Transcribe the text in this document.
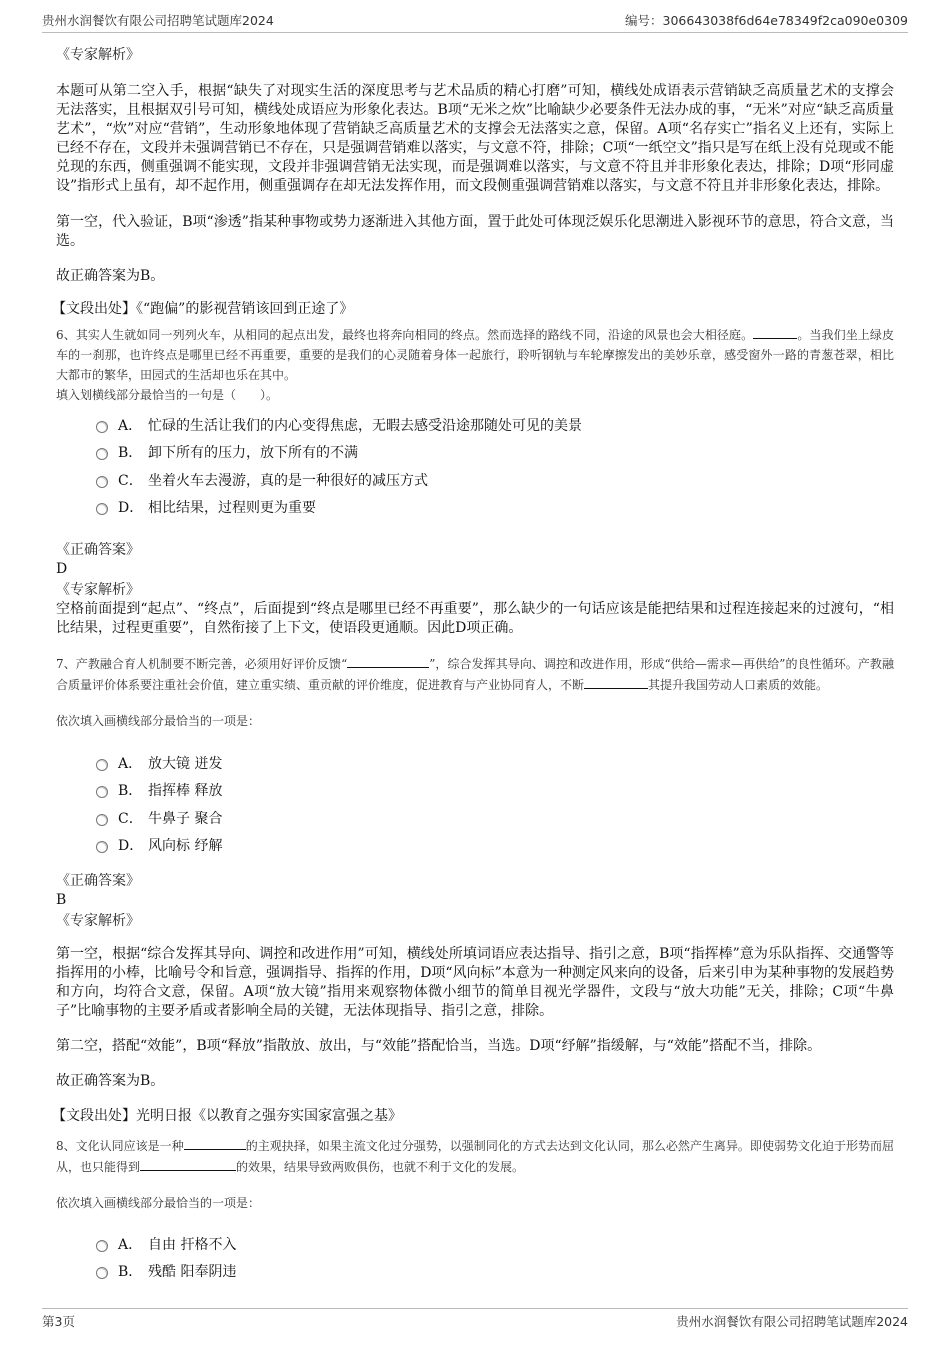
贵州水润餐饮有限公司招聘笔试题库2024	编号：306643038f6d64e78349f2ca090e0309

《专家解析》

本题可从第二空入手，根据“缺失了对现实生活的深度思考与艺术品质的精心打磨”可知，横线处成语表示营销缺乏高质量艺术的支撑会无法落实，且根据双引号可知，横线处成语应为形象化表达。B项“无米之炊”比喻缺少必要条件无法办成的事，“无米”对应“缺乏高质量艺术”，“炊”对应“营销”，生动形象地体现了营销缺乏高质量艺术的支撑会无法落实之意，保留。A项“名存实亡”指名义上还有，实际上已经不存在，文段并未强调营销已不存在，只是强调营销难以落实，与文意不符，排除；C项“一纸空文”指只是写在纸上没有兑现或不能兑现的东西，侧重强调不能实现，文段并非强调营销无法实现，而是强调难以落实，与文意不符且并非形象化表达，排除；D项“形同虚设”指形式上虽有，却不起作用，侧重强调存在却无法发挥作用，而文段侧重强调营销难以落实，与文意不符且并非形象化表达，排除。

第一空，代入验证，B项“渗透”指某种事物或势力逐渐进入其他方面，置于此处可体现泛娱乐化思潮进入影视环节的意思，符合文意，当选。

故正确答案为B。

【文段出处】《“跑偏”的影视营销该回到正途了》

6、其实人生就如同一列列火车，从相同的起点出发，最终也将奔向相同的终点。然而选择的路线不同，沿途的风景也会大相径庭。	。当我们坐上绿皮车的一刹那，也许终点是哪里已经不再重要，重要的是我们的心灵随着身体一起旅行，聆听钢轨与车轮摩擦发出的美妙乐章，感受窗外一路的青葱苍翠，相比大都市的繁华，田园式的生活却也乐在其中。

填入划横线部分最恰当的一句是（　　）。

A． 忙碌的生活让我们的内心变得焦虑，无暇去感受沿途那随处可见的美景
B． 卸下所有的压力，放下所有的不满
C． 坐着火车去漫游，真的是一种很好的减压方式
D． 相比结果，过程则更为重要

《正确答案》

D

《专家解析》

空格前面提到“起点”、“终点”，后面提到“终点是哪里已经不再重要”，那么缺少的一句话应该是能把结果和过程连接起来的过渡句，“相比结果，过程更重要”，自然衔接了上下文，使语段更通顺。因此D项正确。

7、产教融合育人机制要不断完善，必须用好评价反馈“	”，综合发挥其导向、调控和改进作用，形成“供给—需求—再供给”的良性循环。产教融合质量评价体系要注重社会价值，建立重实绩、重贡献的评价维度，促进教育与产业协同育人，不断	其提升我国劳动人口素质的效能。

依次填入画横线部分最恰当的一项是：

A． 放大镜 迸发
B． 指挥棒 释放
C． 牛鼻子 聚合
D． 风向标 纾解

《正确答案》

B

《专家解析》

第一空，根据“综合发挥其导向、调控和改进作用”可知，横线处所填词语应表达指导、指引之意，B项“指挥棒”意为乐队指挥、交通警等指挥用的小棒，比喻号令和旨意，强调指导、指挥的作用，D项“风向标”本意为一种测定风来向的设备，后来引申为某种事物的发展趋势和方向，均符合文意，保留。A项“放大镜”指用来观察物体微小细节的简单目视光学器件，文段与“放大功能”无关，排除；C项“牛鼻子”比喻事物的主要矛盾或者影响全局的关键，无法体现指导、指引之意，排除。

第二空，搭配“效能”，B项“释放”指散放、放出，与“效能”搭配恰当，当选。D项“纾解”指缓解，与“效能”搭配不当，排除。

故正确答案为B。

【文段出处】光明日报《以教育之强夯实国家富强之基》

8、文化认同应该是一种	的主观抉择，如果主流文化过分强势，以强制同化的方式去达到文化认同，那么必然产生离异。即使弱势文化迫于形势而屈从，也只能得到	的效果，结果导致两败俱伤，也就不利于文化的发展。

依次填入画横线部分最恰当的一项是：

A． 自由 扞格不入
B． 残酷 阳奉阴违
第3页	贵州水润餐饮有限公司招聘笔试题库2024
